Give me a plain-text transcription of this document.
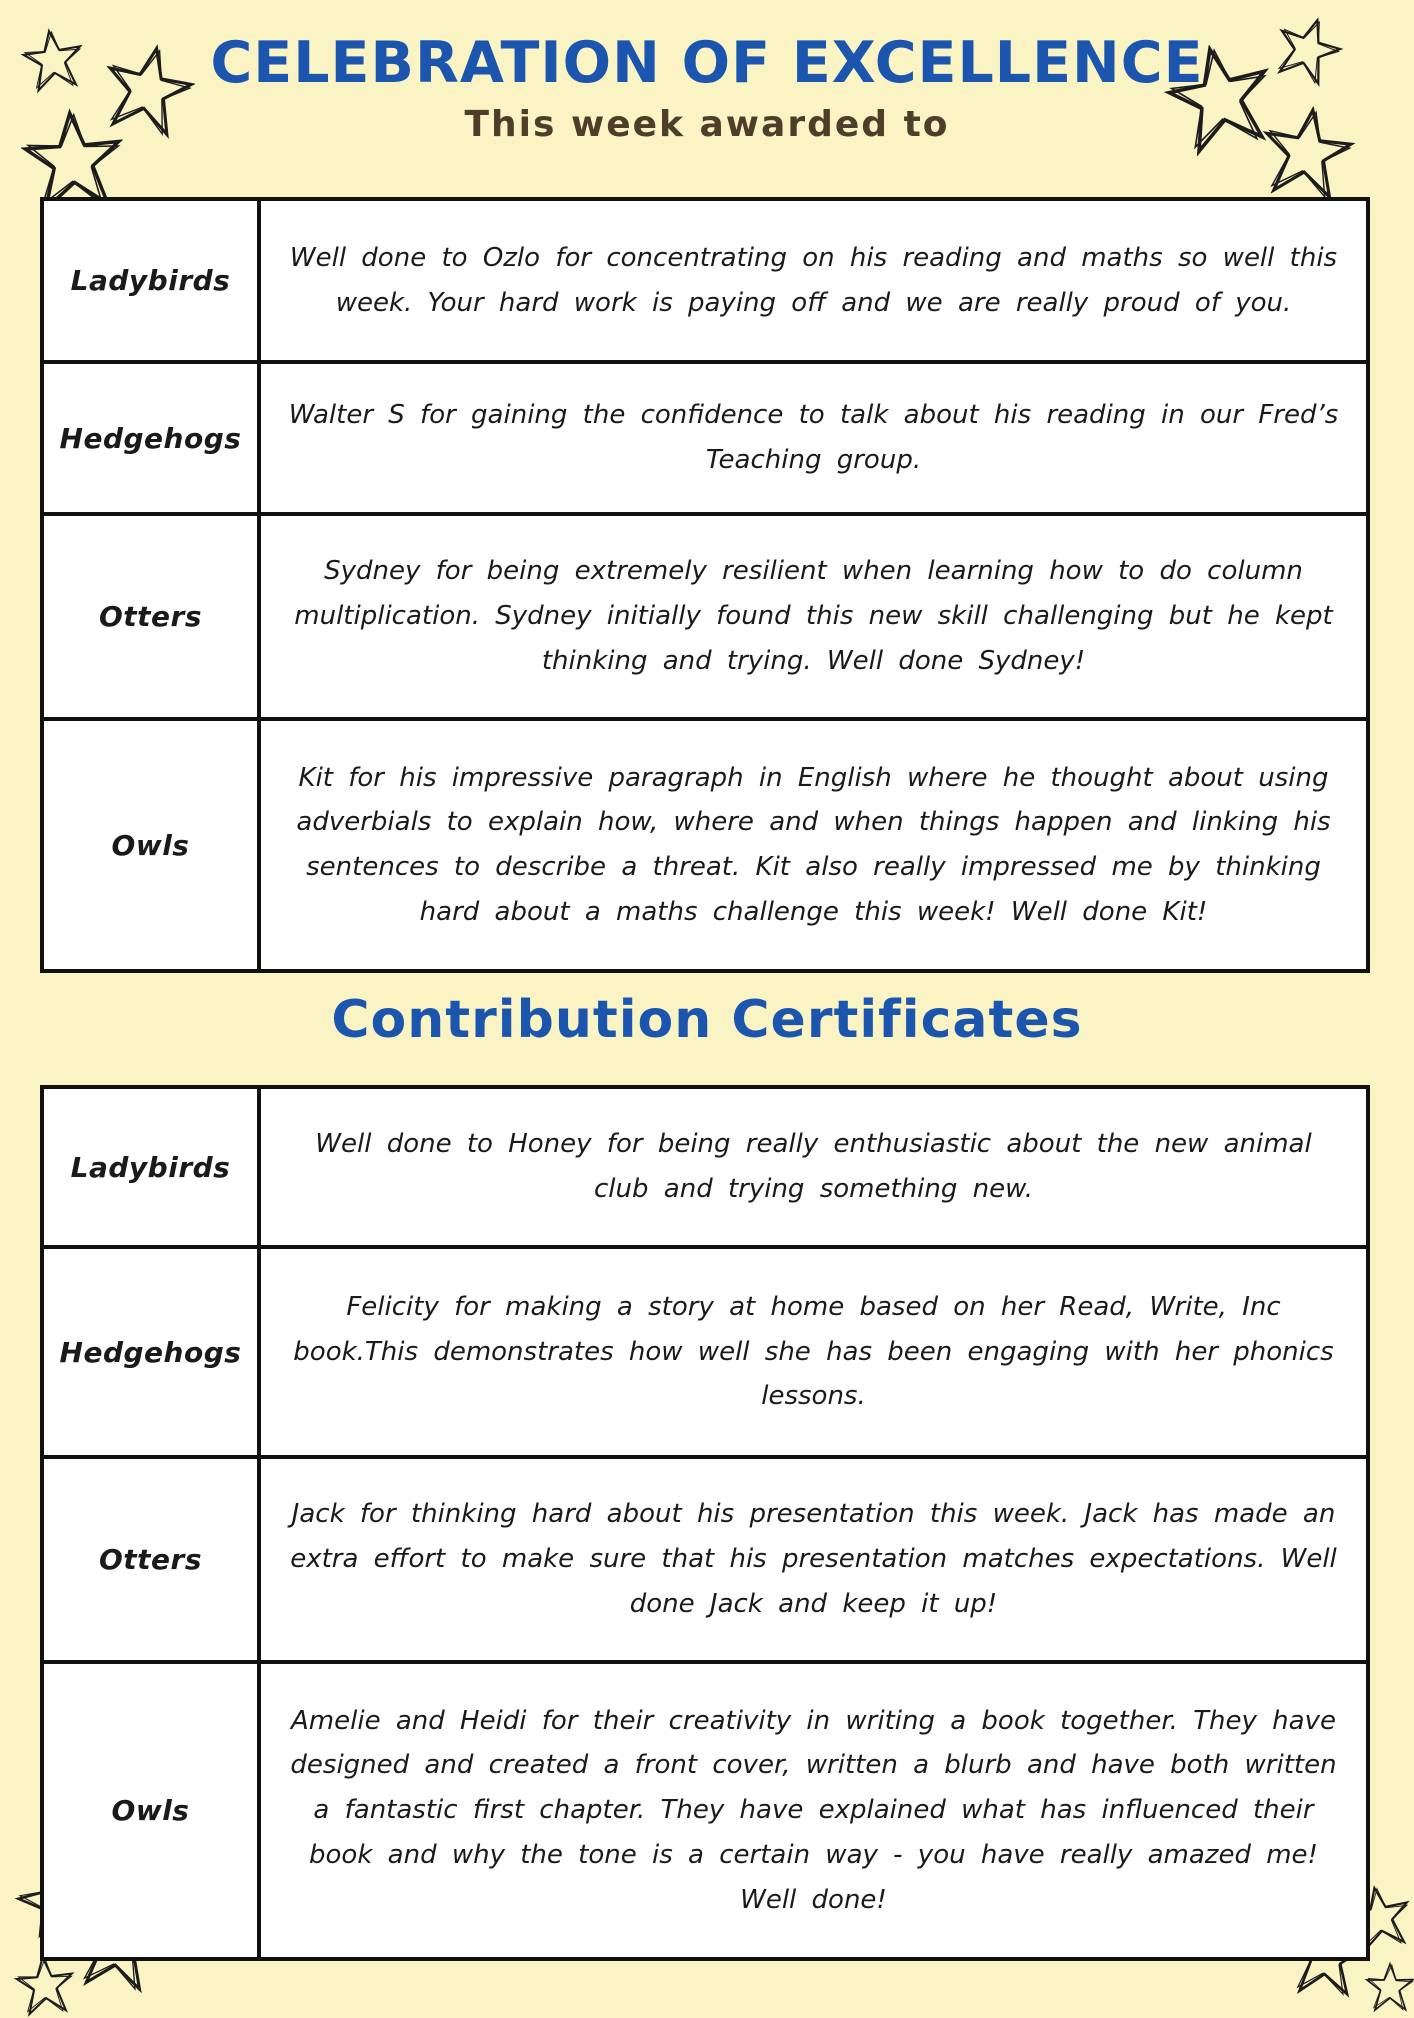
CELEBRATION OF EXCELLENCE
This week awarded to
Ladybirds	Well done to Ozlo for concentrating on his reading and maths so well this week. Your hard work is paying off and we are really proud of you.
Hedgehogs	Walter S for gaining the confidence to talk about his reading in our Fred’s Teaching group.
Otters	Sydney for being extremely resilient when learning how to do column multiplication. Sydney initially found this new skill challenging but he kept thinking and trying. Well done Sydney!
Owls	Kit for his impressive paragraph in English where he thought about using adverbials to explain how, where and when things happen and linking his sentences to describe a threat. Kit also really impressed me by thinking hard about a maths challenge this week! Well done Kit!
Contribution Certificates
Ladybirds	Well done to Honey for being really enthusiastic about the new animal club and trying something new.
Hedgehogs	Felicity for making a story at home based on her Read, Write, Inc book.This demonstrates how well she has been engaging with her phonics lessons.
Otters	Jack for thinking hard about his presentation this week. Jack has made an extra effort to make sure that his presentation matches expectations. Well done Jack and keep it up!
Owls	Amelie and Heidi for their creativity in writing a book together. They have designed and created a front cover, written a blurb and have both written a fantastic first chapter. They have explained what has influenced their book and why the tone is a certain way - you have really amazed me! Well done!
